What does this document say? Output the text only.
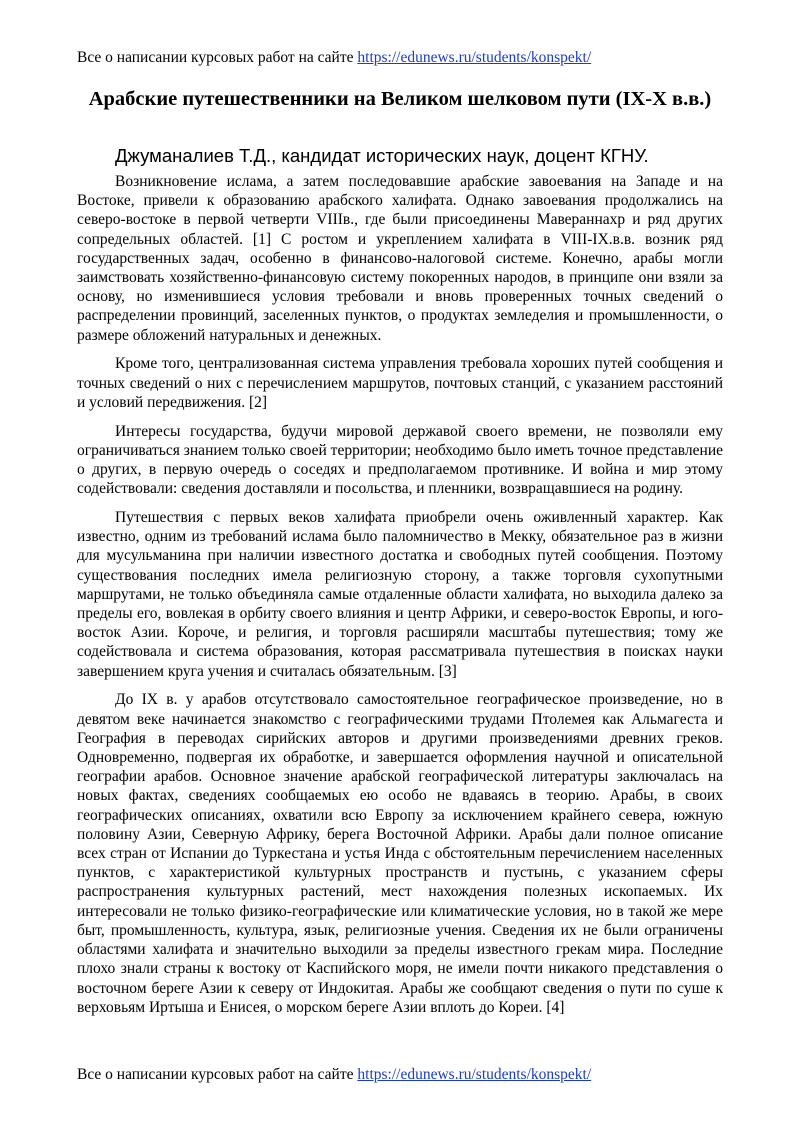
Все о написании курсовых работ на сайте https://edunews.ru/students/konspekt/
Арабские путешественники на Великом шелковом пути (IX-X в.в.)
Джуманалиев Т.Д., кандидат исторических наук, доцент КГНУ.

Возникновение ислама, а затем последовавшие арабские завоевания на Западе и на Востоке, привели к образованию арабского халифата. Однако завоевания продолжались на северо-востоке в первой четверти VIIIв., где были присоединены Мавераннахр и ряд других сопредельных областей. [1] С ростом и укреплением халифата в VIII-IX.в.в. возник ряд государственных задач, особенно в финансово-налоговой системе. Конечно, арабы могли заимствовать хозяйственно-финансовую систему покоренных народов, в принципе они взяли за основу, но изменившиеся условия требовали и вновь проверенных точных сведений о распределении провинций, заселенных пунктов, о продуктах земледелия и промышленности, о размере обложений натуральных и денежных.

Кроме того, централизованная система управления требовала хороших путей сообщения и точных сведений о них с перечислением маршрутов, почтовых станций, с указанием расстояний и условий передвижения. [2]

Интересы государства, будучи мировой державой своего времени, не позволяли ему ограничиваться знанием только своей территории; необходимо было иметь точное представление о других, в первую очередь о соседях и предполагаемом противнике. И война и мир этому содействовали: сведения доставляли и посольства, и пленники, возвращавшиеся на родину.

Путешествия с первых веков халифата приобрели очень оживленный характер. Как известно, одним из требований ислама было паломничество в Мекку, обязательное раз в жизни для мусульманина при наличии известного достатка и свободных путей сообщения. Поэтому существования последних имела религиозную сторону, а также торговля сухопутными маршрутами, не только объединяла самые отдаленные области халифата, но выходила далеко за пределы его, вовлекая в орбиту своего влияния и центр Африки, и северо-восток Европы, и юго-восток Азии. Короче, и религия, и торговля расширяли масштабы путешествия; тому же содействовала и система образования, которая рассматривала путешествия в поисках науки завершением круга учения и считалась обязательным. [3]

До IX в. у арабов отсутствовало самостоятельное географическое произведение, но в девятом веке начинается знакомство с географическими трудами Птолемея как Альмагеста и География в переводах сирийских авторов и другими произведениями древних греков. Одновременно, подвергая их обработке, и завершается оформления научной и описательной географии арабов. Основное значение арабской географической литературы заключалась на новых фактах, сведениях сообщаемых ею особо не вдаваясь в теорию. Арабы, в своих географических описаниях, охватили всю Европу за исключением крайнего севера, южную половину Азии, Северную Африку, берега Восточной Африки. Арабы дали полное описание всех стран от Испании до Туркестана и устья Инда с обстоятельным перечислением населенных пунктов, с характеристикой культурных пространств и пустынь, с указанием сферы распространения культурных растений, мест нахождения полезных ископаемых. Их интересовали не только физико-географические или климатические условия, но в такой же мере быт, промышленность, культура, язык, религиозные учения. Сведения их не были ограничены областями халифата и значительно выходили за пределы известного грекам мира. Последние плохо знали страны к востоку от Каспийского моря, не имели почти никакого представления о восточном береге Азии к северу от Индокитая. Арабы же сообщают сведения о пути по суше к верховьям Иртыша и Енисея, о морском береге Азии вплоть до Кореи. [4]

Все о написании курсовых работ на сайте https://edunews.ru/students/konspekt/
